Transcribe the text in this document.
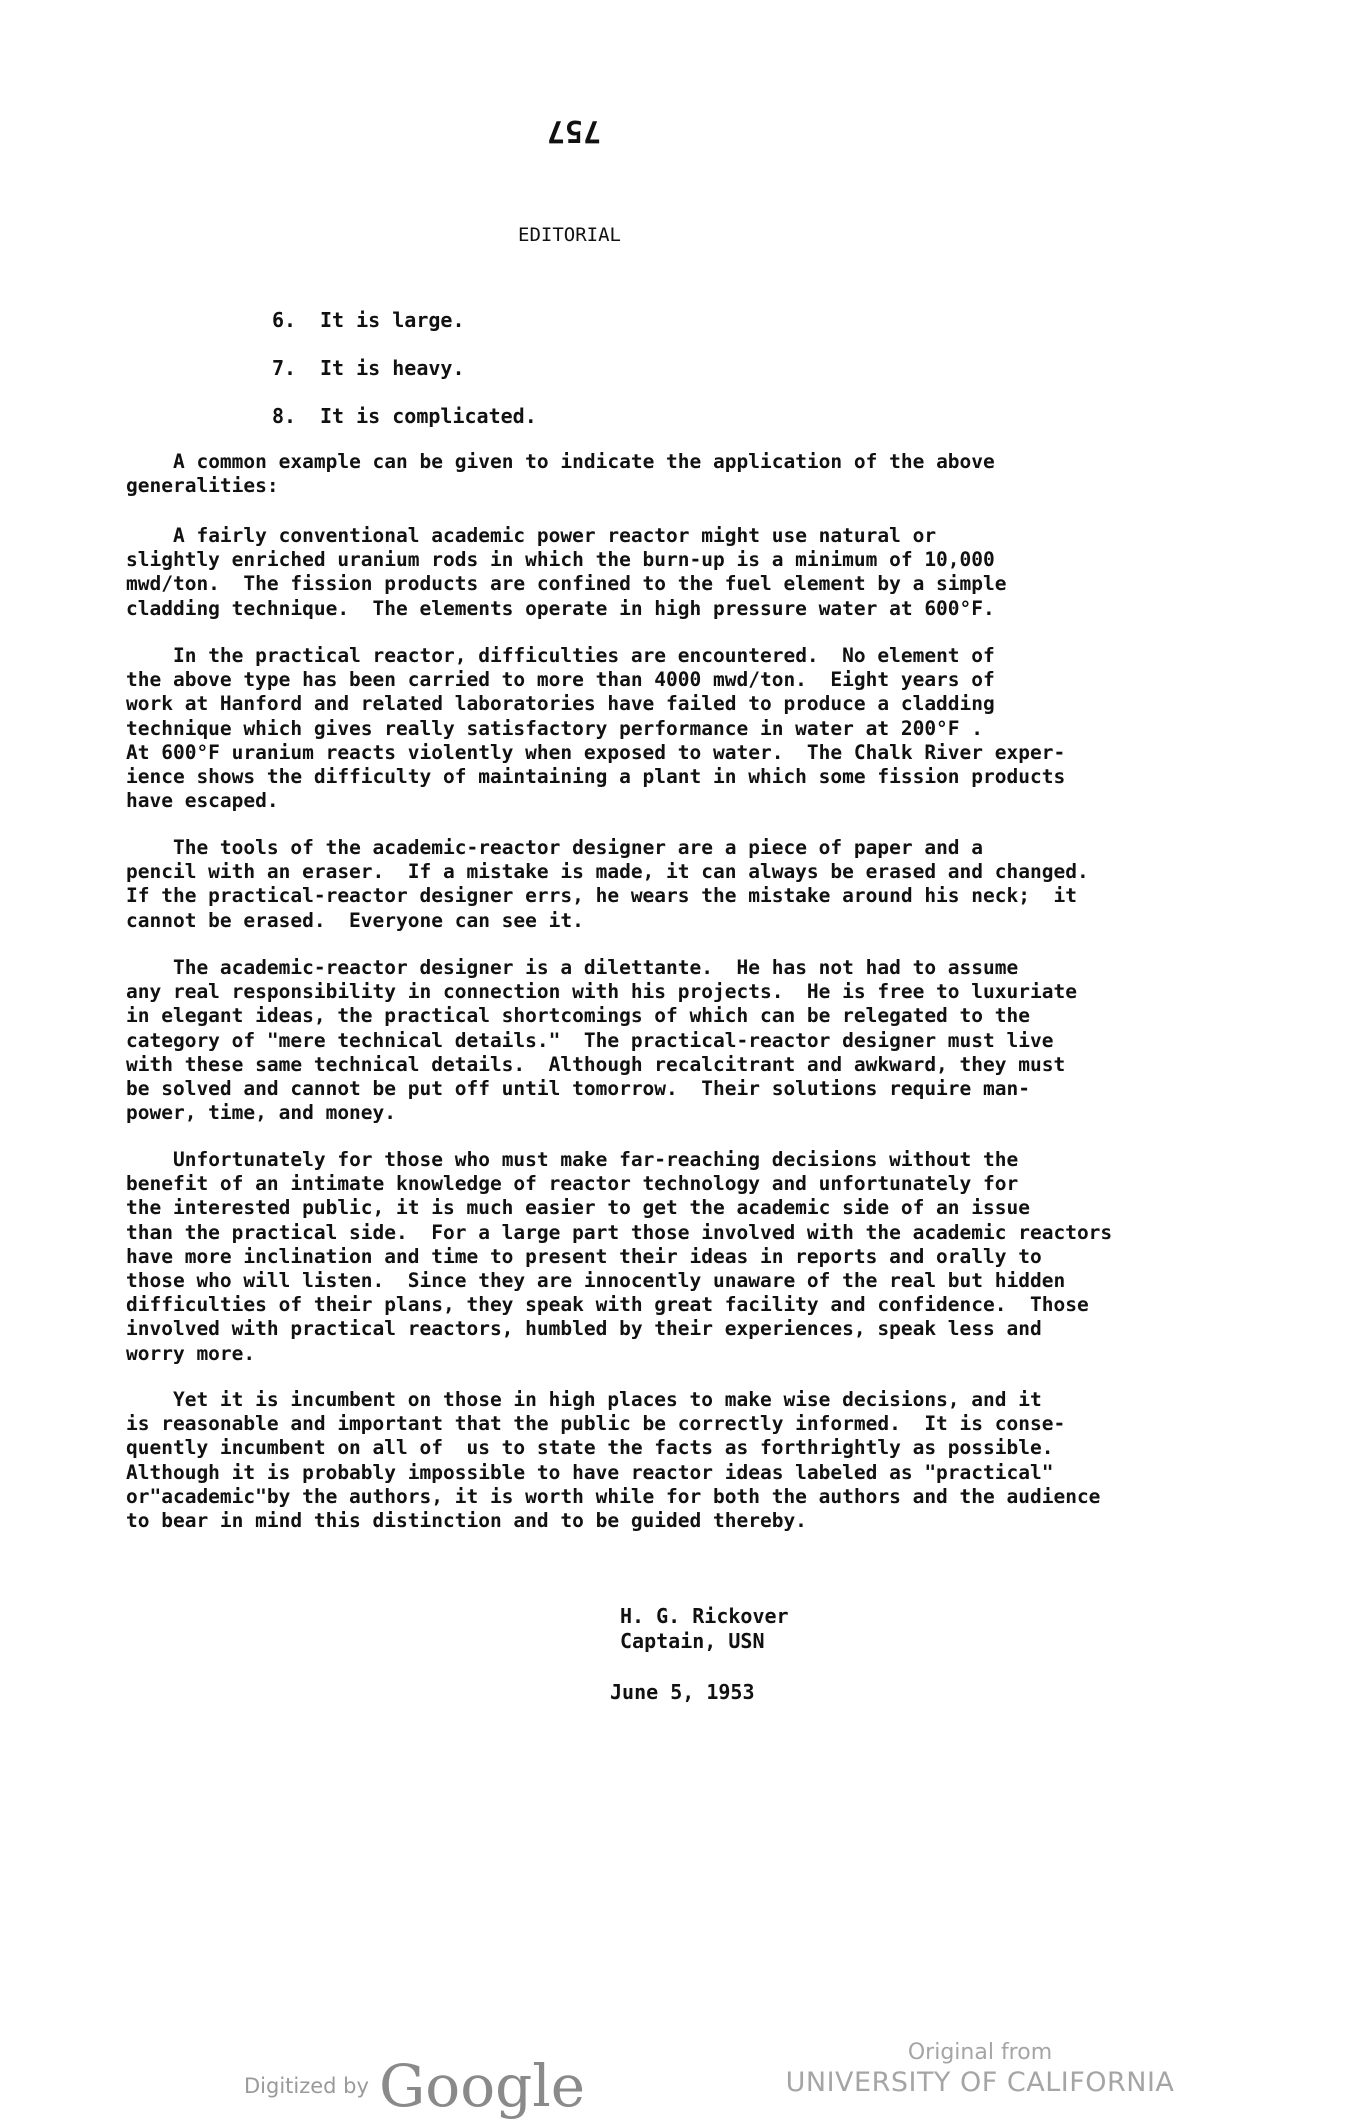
757
EDITORIAL
6. It is large.
7. It is heavy.
8. It is complicated.

A common example can be given to indicate the application of the above
generalities:

A fairly conventional academic power reactor might use natural or
slightly enriched uranium rods in which the burn-up is a minimum of 10,000
mwd/ton.  The fission products are confined to the fuel element by a simple
cladding technique.  The elements operate in high pressure water at 600°F.

In the practical reactor, difficulties are encountered.  No element of
the above type has been carried to more than 4000 mwd/ton.  Eight years of
work at Hanford and related laboratories have failed to produce a cladding
technique which gives really satisfactory performance in water at 200°F .
At 600°F uranium reacts violently when exposed to water.  The Chalk River exper-
ience shows the difficulty of maintaining a plant in which some fission products
have escaped.

The tools of the academic-reactor designer are a piece of paper and a
pencil with an eraser.  If a mistake is made, it can always be erased and changed.
If the practical-reactor designer errs, he wears the mistake around his neck;  it
cannot be erased.  Everyone can see it.

The academic-reactor designer is a dilettante.  He has not had to assume
any real responsibility in connection with his projects.  He is free to luxuriate
in elegant ideas, the practical shortcomings of which can be relegated to the
category of "mere technical details."  The practical-reactor designer must live
with these same technical details.  Although recalcitrant and awkward, they must
be solved and cannot be put off until tomorrow.  Their solutions require man-
power, time, and money.

Unfortunately for those who must make far-reaching decisions without the
benefit of an intimate knowledge of reactor technology and unfortunately for
the interested public, it is much easier to get the academic side of an issue
than the practical side.  For a large part those involved with the academic reactors
have more inclination and time to present their ideas in reports and orally to
those who will listen.  Since they are innocently unaware of the real but hidden
difficulties of their plans, they speak with great facility and confidence.  Those
involved with practical reactors, humbled by their experiences, speak less and
worry more.

Yet it is incumbent on those in high places to make wise decisions, and it
is reasonable and important that the public be correctly informed.  It is conse-
quently incumbent on all of  us to state the facts as forthrightly as possible.
Although it is probably impossible to have reactor ideas labeled as "practical"
or"academic"by the authors, it is worth while for both the authors and the audience
to bear in mind this distinction and to be guided thereby.

H. G. Rickover
Captain, USN
June 5, 1953
Digitized by Google	Original from
UNIVERSITY OF CALIFORNIA
